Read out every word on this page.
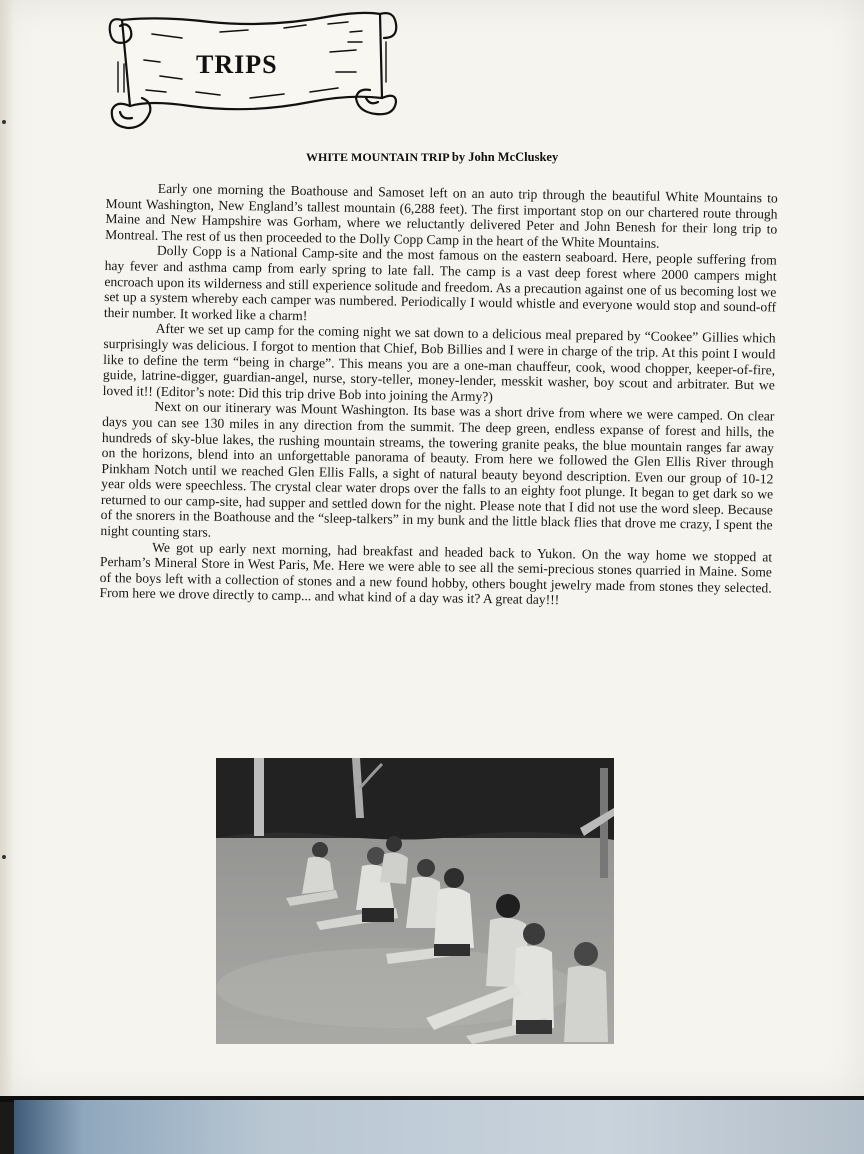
TRIPS
WHITE MOUNTAIN TRIP by John McCluskey

Early one morning the Boathouse and Samoset left on an auto trip through the beautiful White Mountains to Mount Washington, New England’s tallest mountain (6,288 feet). The first important stop on our chartered route through Maine and New Hampshire was Gorham, where we reluctantly delivered Peter and John Benesh for their long trip to Montreal. The rest of us then proceeded to the Dolly Copp Camp in the heart of the White Mountains.

Dolly Copp is a National Camp-site and the most famous on the eastern seaboard. Here, people suffering from hay fever and asthma camp from early spring to late fall. The camp is a vast deep forest where 2000 campers might encroach upon its wilderness and still experience solitude and freedom. As a precaution against one of us becoming lost we set up a system whereby each camper was numbered. Periodically I would whistle and everyone would stop and sound-off their number. It worked like a charm!

After we set up camp for the coming night we sat down to a delicious meal prepared by “Cookee” Gillies which surprisingly was delicious. I forgot to mention that Chief, Bob Billies and I were in charge of the trip. At this point I would like to define the term “being in charge”. This means you are a one-man chauffeur, cook, wood chopper, keeper-of-fire, guide, latrine-digger, guardian-angel, nurse, story-teller, money-lender, messkit washer, boy scout and arbitrater. But we loved it!! (Editor’s note: Did this trip drive Bob into joining the Army?)

Next on our itinerary was Mount Washington. Its base was a short drive from where we were camped. On clear days you can see 130 miles in any direction from the summit. The deep green, endless expanse of forest and hills, the hundreds of sky-blue lakes, the rushing mountain streams, the towering granite peaks, the blue mountain ranges far away on the horizons, blend into an unforgettable panorama of beauty. From here we followed the Glen Ellis River through Pinkham Notch until we reached Glen Ellis Falls, a sight of natural beauty beyond description. Even our group of 10-12 year olds were speechless. The crystal clear water drops over the falls to an eighty foot plunge. It began to get dark so we returned to our camp-site, had supper and settled down for the night. Please note that I did not use the word sleep. Because of the snorers in the Boathouse and the “sleep-talkers” in my bunk and the little black flies that drove me crazy, I spent the night counting stars.

We got up early next morning, had breakfast and headed back to Yukon. On the way home we stopped at Perham’s Mineral Store in West Paris, Me. Here we were able to see all the semi-precious stones quarried in Maine. Some of the boys left with a collection of stones and a new found hobby, others bought jewelry made from stones they selected. From here we drove directly to camp... and what kind of a day was it? A great day!!!
